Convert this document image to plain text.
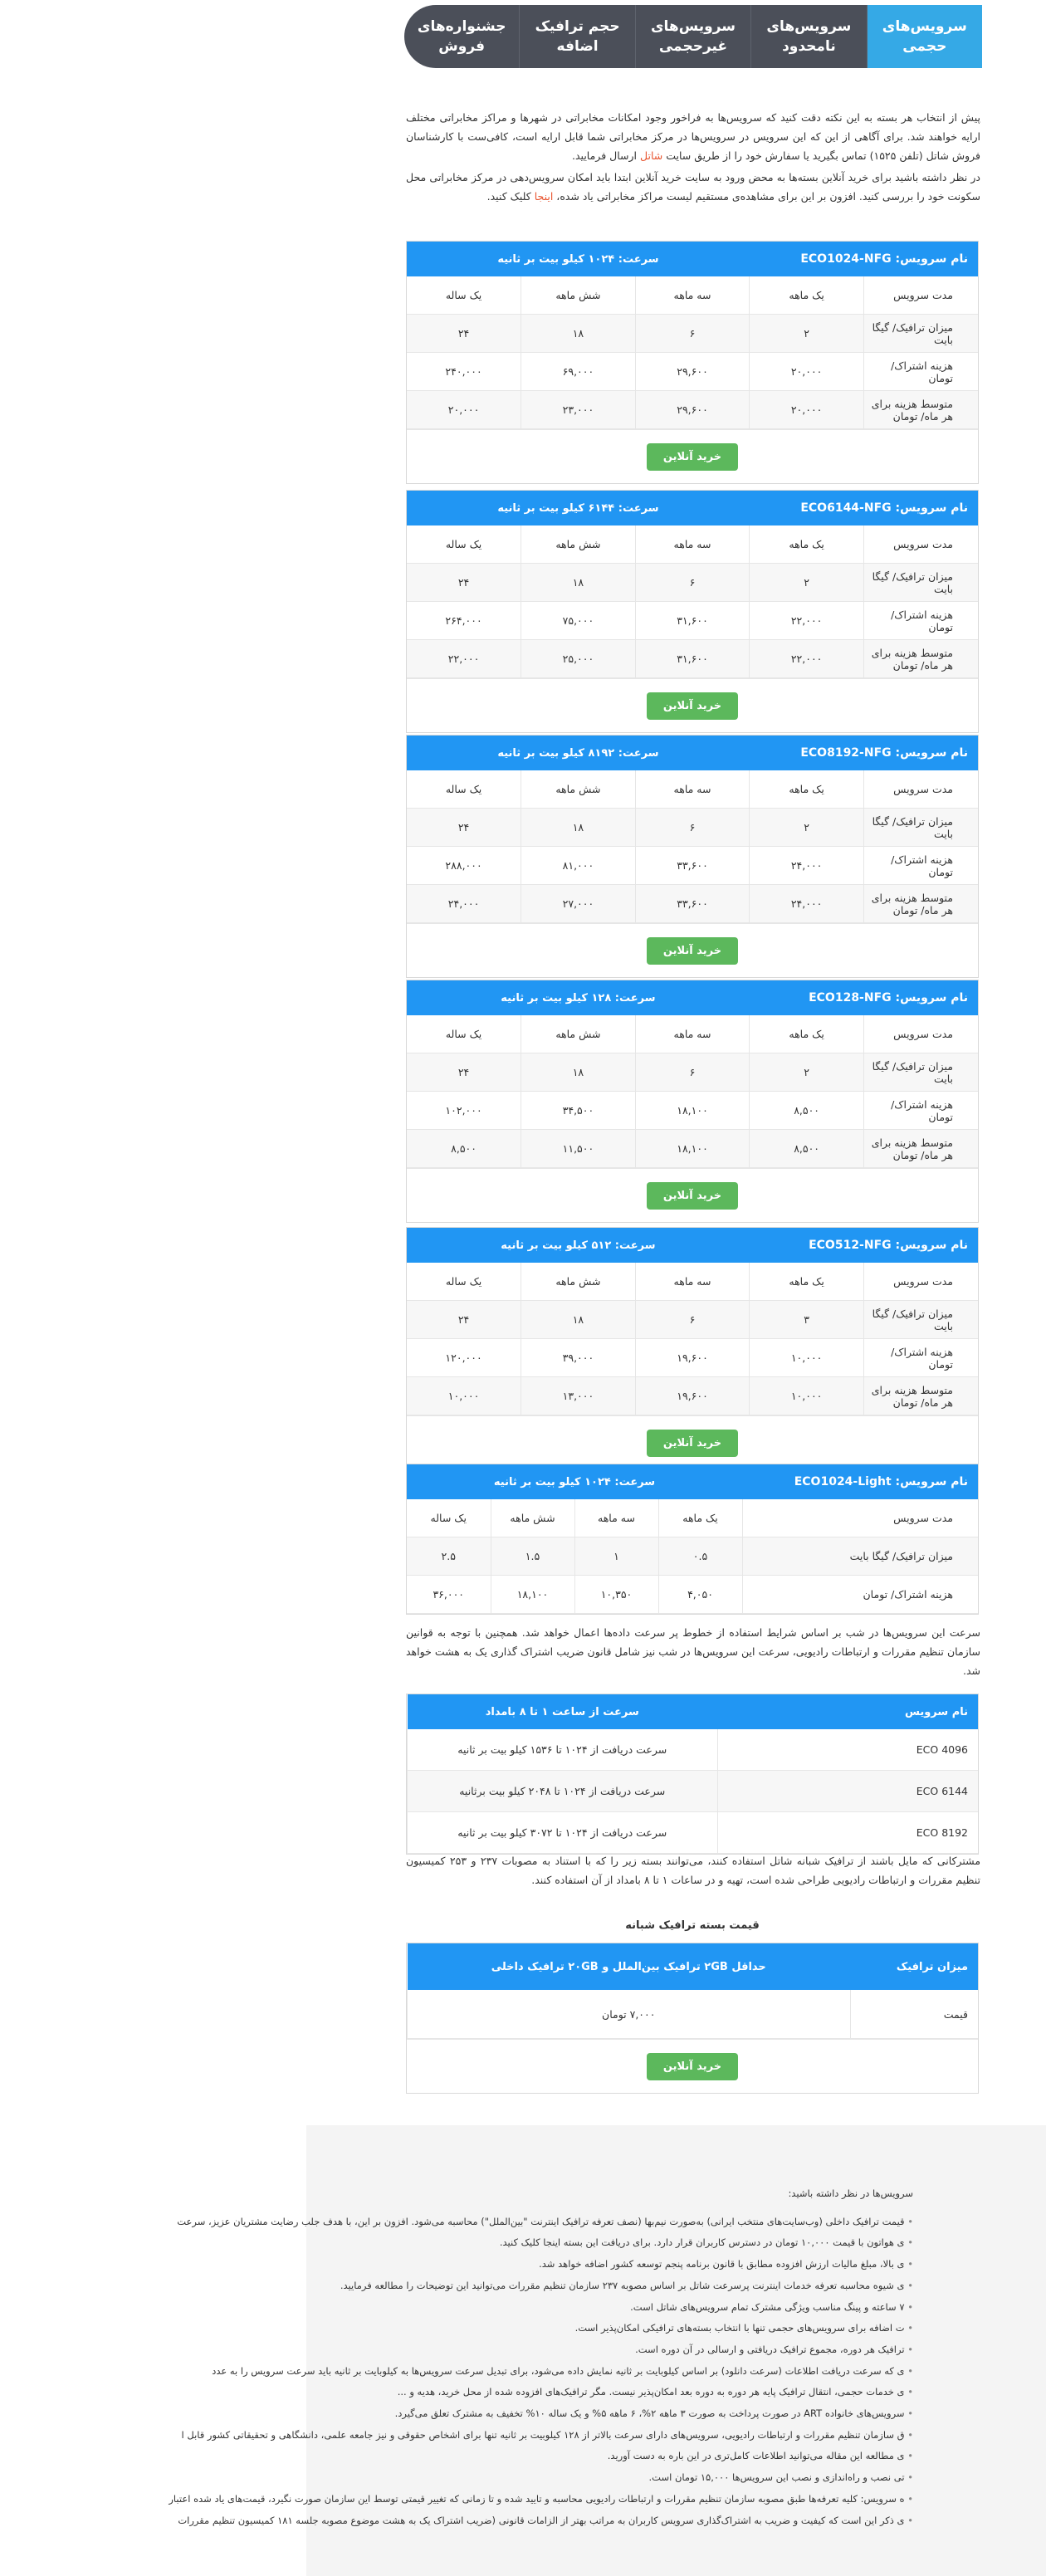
سرویس‌های
حجمی
سرویس‌های
نامحدود
سرویس‌های
غیرحجمی
حجم ترافیک
اضافه
جشنواره‌های
فروش

پیش از انتخاب هر بسته به این نکته دقت کنید که سرویس‌ها به فراخور وجود امکانات مخابراتی در شهرها و مراکز مخابراتی مختلف ارایه خواهند شد. برای آگاهی از این که این سرویس در سرویس‌ها در مرکز مخابراتی شما قابل ارایه است، کافی‌ست با کارشناسان فروش شاتل (تلفن ۱۵۲۵) تماس بگیرید یا سفارش خود را از طریق سایت شاتل ارسال فرمایید.

در نظر داشته باشید برای خرید آنلاین بسته‌ها به محض ورود به سایت خرید آنلاین ابتدا باید امکان سرویس‌دهی در مرکز مخابراتی محل سکونت خود را بررسی کنید. افزون بر این برای مشاهده‌ی مستقیم لیست مراکز مخابراتی یاد شده، اینجا کلیک کنید.

نام سرویس: ECO1024-NFG		سرعت: ۱۰۲۴ کیلو بیت بر ثانیه		
مدت سرویس	یک ماهه	سه ماهه	شش ماهه	یک ساله
میزان ترافیک/ گیگا بایت	۲	۶	۱۸	۲۴
هزینه اشتراک/ تومان	۲۰,۰۰۰	۲۹,۶۰۰	۶۹,۰۰۰	۲۴۰,۰۰۰
متوسط هزینه برای هر ماه/ تومان	۲۰,۰۰۰	۲۹,۶۰۰	۲۳,۰۰۰	۲۰,۰۰۰
خرید آنلاین
نام سرویس: ECO6144-NFG		سرعت: ۶۱۴۴ کیلو بیت بر ثانیه		
مدت سرویس	یک ماهه	سه ماهه	شش ماهه	یک ساله
میزان ترافیک/ گیگا بایت	۲	۶	۱۸	۲۴
هزینه اشتراک/ تومان	۲۲,۰۰۰	۳۱,۶۰۰	۷۵,۰۰۰	۲۶۴,۰۰۰
متوسط هزینه برای هر ماه/ تومان	۲۲,۰۰۰	۳۱,۶۰۰	۲۵,۰۰۰	۲۲,۰۰۰
خرید آنلاین
نام سرویس: ECO8192-NFG		سرعت: ۸۱۹۲ کیلو بیت بر ثانیه		
مدت سرویس	یک ماهه	سه ماهه	شش ماهه	یک ساله
میزان ترافیک/ گیگا بایت	۲	۶	۱۸	۲۴
هزینه اشتراک/ تومان	۲۴,۰۰۰	۳۳,۶۰۰	۸۱,۰۰۰	۲۸۸,۰۰۰
متوسط هزینه برای هر ماه/ تومان	۲۴,۰۰۰	۳۳,۶۰۰	۲۷,۰۰۰	۲۴,۰۰۰
خرید آنلاین
نام سرویس: ECO128-NFG		سرعت: ۱۲۸ کیلو بیت بر ثانیه		
مدت سرویس	یک ماهه	سه ماهه	شش ماهه	یک ساله
میزان ترافیک/ گیگا بایت	۲	۶	۱۸	۲۴
هزینه اشتراک/ تومان	۸,۵۰۰	۱۸,۱۰۰	۳۴,۵۰۰	۱۰۲,۰۰۰
متوسط هزینه برای هر ماه/ تومان	۸,۵۰۰	۱۸,۱۰۰	۱۱,۵۰۰	۸,۵۰۰
خرید آنلاین
نام سرویس: ECO512-NFG		سرعت: ۵۱۲ کیلو بیت بر ثانیه		
مدت سرویس	یک ماهه	سه ماهه	شش ماهه	یک ساله
میزان ترافیک/ گیگا بایت	۳	۶	۱۸	۲۴
هزینه اشتراک/ تومان	۱۰,۰۰۰	۱۹,۶۰۰	۳۹,۰۰۰	۱۲۰,۰۰۰
متوسط هزینه برای هر ماه/ تومان	۱۰,۰۰۰	۱۹,۶۰۰	۱۳,۰۰۰	۱۰,۰۰۰
خرید آنلاین
نام سرویس: ECO1024-Light	سرعت: ۱۰۲۴ کیلو بیت بر ثانیه			
مدت سرویس	یک ماهه	سه ماهه	شش ماهه	یک ساله
میزان ترافیک/ گیگا بایت	۰.۵	۱	۱.۵	۲.۵
هزینه اشتراک/ تومان	۴,۰۵۰	۱۰,۳۵۰	۱۸,۱۰۰	۳۶,۰۰۰

سرعت این سرویس‌ها در شب بر اساس شرایط استفاده از خطوط پر سرعت داده‌ها اعمال خواهد شد. همچنین با توجه به قوانین سازمان تنظیم مقررات و ارتباطات رادیویی، سرعت این سرویس‌ها در شب نیز شامل قانون ضریب اشتراک گذاری یک به هشت خواهد شد.

نام سرویس	سرعت از ساعت ۱ تا ۸ بامداد
ECO 4096	سرعت دریافت از ۱۰۲۴ تا ۱۵۳۶ کیلو بیت بر ثانیه
ECO 6144	سرعت دریافت از ۱۰۲۴ تا ۲۰۴۸ کیلو بیت برثانیه
ECO 8192	سرعت دریافت از ۱۰۲۴ تا ۳۰۷۲ کیلو بیت بر ثانیه

مشترکانی که مایل باشند از ترافیک شبانه شاتل استفاده کنند، می‌توانند بسته زیر را که با استناد به مصوبات ۲۳۷ و ۲۵۳ کمیسیون تنظیم مقررات و ارتباطات رادیویی طراحی شده است، تهیه و در ساعات ۱ تا ۸ بامداد از آن استفاده کنند.

قیمت بسته ترافیک شبانه
میزان ترافیک	حداقل ۲GB ترافیک بین‌الملل و ۲۰GB ترافیک داخلی
قیمت	۷,۰۰۰ تومان
خرید آنلاین
سرویس‌ها در نظر داشته باشید:
• قیمت ترافیک داخلی (وب‌سایت‌های منتخب ایرانی) به‌صورت نیم‌بها (نصف تعرفه ترافیک اینترنت "بین‌الملل") محاسبه می‌شود. افزون بر این، با هدف جلب رضایت مشتریان عزیز، سرعت
• ی هواتون با قیمت ۱۰,۰۰۰ تومان در دسترس کاربران قرار دارد. برای دریافت این بسته اینجا کلیک کنید.
• ی بالا، مبلغ مالیات ارزش افزوده مطابق با قانون برنامه پنجم توسعه کشور اضافه خواهد شد.
• ی شیوه محاسبه تعرفه خدمات اینترنت پرسرعت شاتل بر اساس مصوبه ۲۳۷ سازمان تنظیم مقررات می‌توانید این توضیحات را مطالعه فرمایید.
• ۷ ساعته و پینگ مناسب ویژگی مشترک تمام سرویس‌های شاتل است.
• ت اضافه برای سرویس‌های حجمی تنها با انتخاب بسته‌های ترافیکی امکان‌پذیر است.
• ترافیک هر دوره، مجموع ترافیک دریافتی و ارسالی در آن دوره است.
• ی که سرعت دریافت اطلاعات (سرعت دانلود) بر اساس کیلوبایت بر ثانیه نمایش داده می‌شود، برای تبدیل سرعت سرویس‌ها به کیلوبایت بر ثانیه باید سرعت سرویس را به عدد
• ی خدمات حجمی، انتقال ترافیک پایه هر دوره به دوره بعد امکان‌پذیر نیست. مگر ترافیک‌های افزوده شده از محل خرید، هدیه و ...
• سرویس‌های خانواده ART در صورت پرداخت به صورت ۳ ماهه ۲%، ۶ ماهه ۵% و یک ساله ۱۰% تخفیف به مشترک تعلق می‌گیرد.
• ق سازمان تنظیم مقررات و ارتباطات رادیویی، سرویس‌های دارای سرعت بالاتر از ۱۲۸ کیلوبیت بر ثانیه تنها برای اشخاص حقوقی و نیز جامعه علمی، دانشگاهی و تحقیقاتی کشور قابل ا
• ی مطالعه این مقاله می‌توانید اطلاعات کامل‌تری در این باره به دست آورید.
• تی نصب و راه‌اندازی و نصب این سرویس‌ها ۱۵,۰۰۰ تومان است.
• ه سرویس: کلیه تعرفه‌ها طبق مصوبه سازمان تنظیم مقررات و ارتباطات رادیویی محاسبه و تایید شده و تا زمانی که تغییر قیمتی توسط این سازمان صورت نگیرد، قیمت‌های یاد شده اعتبار
• ی ذکر این است که کیفیت و ضریب به اشتراک‌گذاری سرویس کاربران به مراتب بهتر از الزامات قانونی (ضریب اشتراک یک به هشت موضوع مصوبه جلسه ۱۸۱ کمیسیون تنظیم مقررات
